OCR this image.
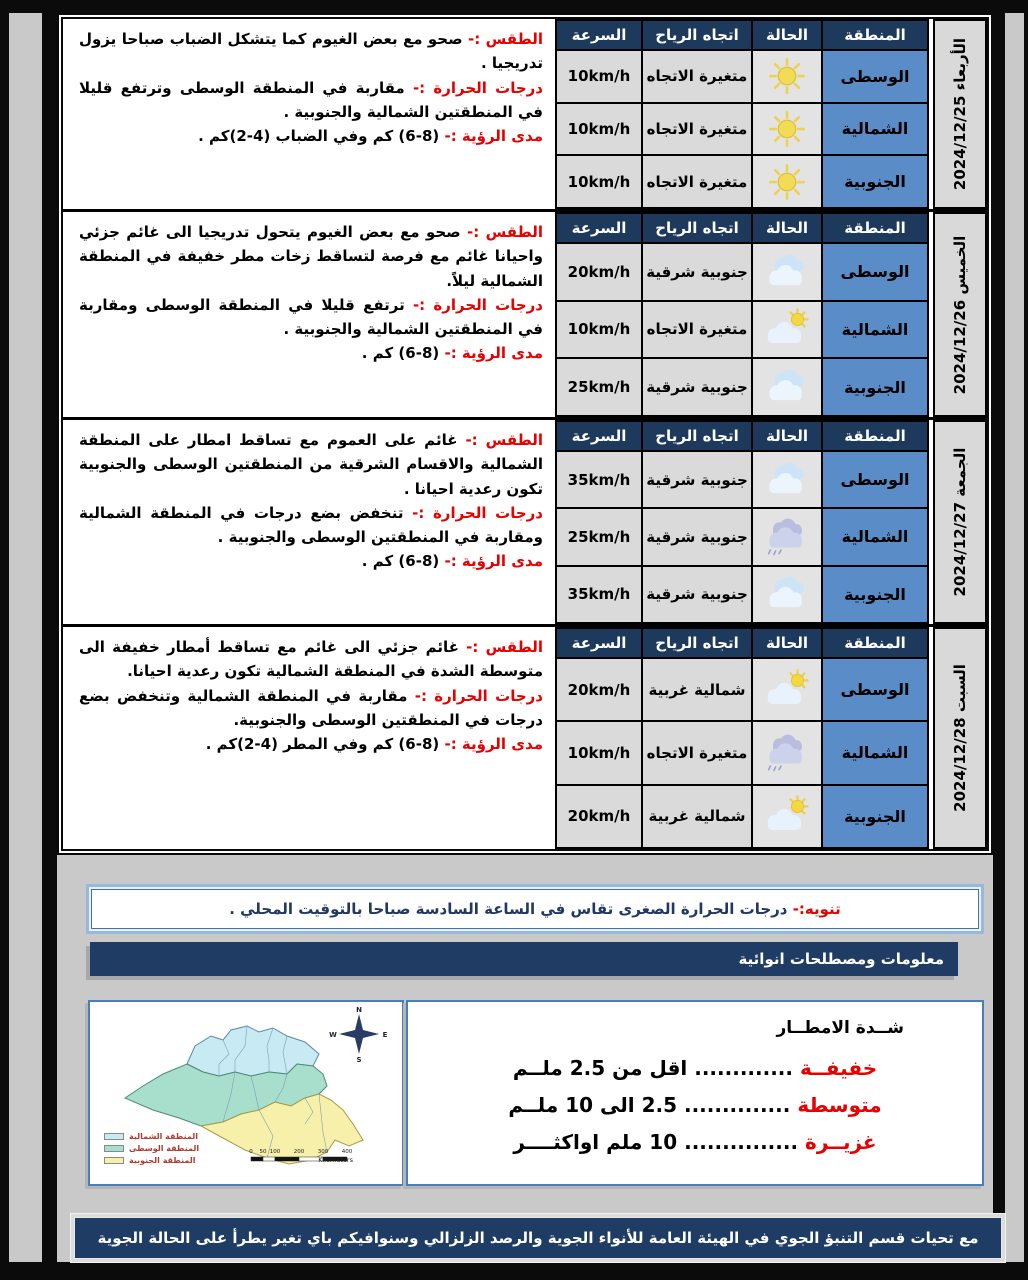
الأربعاء 2024/12/25
المنطقة	الحالة	اتجاه الرياح	السرعة
الوسطى		متغيرة الاتجاه	10km/h
الشمالية		متغيرة الاتجاه	10km/h
الجنوبية		متغيرة الاتجاه	10km/h
الطقس :- صحو مع بعض الغيوم كما يتشكل الضباب صباحا يزول تدريجيا .
درجات الحرارة :- مقاربة في المنطقة الوسطى وترتفع قليلا في المنطقتين الشمالية والجنوبية .
مدى الرؤية :- (8-6) كم وفي الضباب (4-2)كم .
الخميس 2024/12/26
المنطقة	الحالة	اتجاه الرياح	السرعة
الوسطى		جنوبية شرقية	20km/h
الشمالية		متغيرة الاتجاه	10km/h
الجنوبية		جنوبية شرقية	25km/h
الطقس :- صحو مع بعض الغيوم يتحول تدريجيا الى غائم جزئي واحيانا غائم مع فرصة لتساقط زخات مطر خفيفة في المنطقة الشمالية ليلاً.
درجات الحرارة :- ترتفع قليلا في المنطقة الوسطى ومقاربة في المنطقتين الشمالية والجنوبية .
مدى الرؤية :- (8-6) كم .
الجمعة 2024/12/27
المنطقة	الحالة	اتجاه الرياح	السرعة
الوسطى		جنوبية شرقية	35km/h
الشمالية		جنوبية شرقية	25km/h
الجنوبية		جنوبية شرقية	35km/h
الطقس :- غائم على العموم مع تساقط امطار على المنطقة الشمالية والاقسام الشرقية من المنطقتين الوسطى والجنوبية تكون رعدية احيانا .
درجات الحرارة :- تنخفض بضع درجات في المنطقة الشمالية ومقاربة في المنطقتين الوسطى والجنوبية .
مدى الرؤية :- (8-6) كم .
السبت 2024/12/28
المنطقة	الحالة	اتجاه الرياح	السرعة
الوسطى		شمالية غربية	20km/h
الشمالية		متغيرة الاتجاه	10km/h
الجنوبية		شمالية غربية	20km/h
الطقس :- غائم جزئي الى غائم مع تساقط أمطار خفيفة الى متوسطة الشدة في المنطقة الشمالية تكون رعدية احيانا.
درجات الحرارة :- مقاربة في المنطقة الشمالية وتنخفض بضع درجات في المنطقتين الوسطى والجنوبية.
مدى الرؤية :- (8-6) كم وفي المطر (4-2)كم .
تنويه:- درجات الحرارة الصغرى تقاس في الساعة السادسة صباحا بالتوقيت المحلي .
معلومات ومصطلحات انوائية
N
S
E
W
0 50 100 200 300 400
Kilometers
المنطقة الشمالية
المنطقة الوسطى
المنطقة الجنوبية
شــدة الامطــار
خفيفــة ............. اقل من 2.5 ملــم
متوسطة .............. 2.5 الى 10 ملــم
غزيــرة ............... 10 ملم اواكثــــر
مع تحيات قسم التنبؤ الجوي في الهيئة العامة للأنواء الجوية والرصد الزلزالي وسنوافيكم باي تغير يطرأ على الحالة الجوية
